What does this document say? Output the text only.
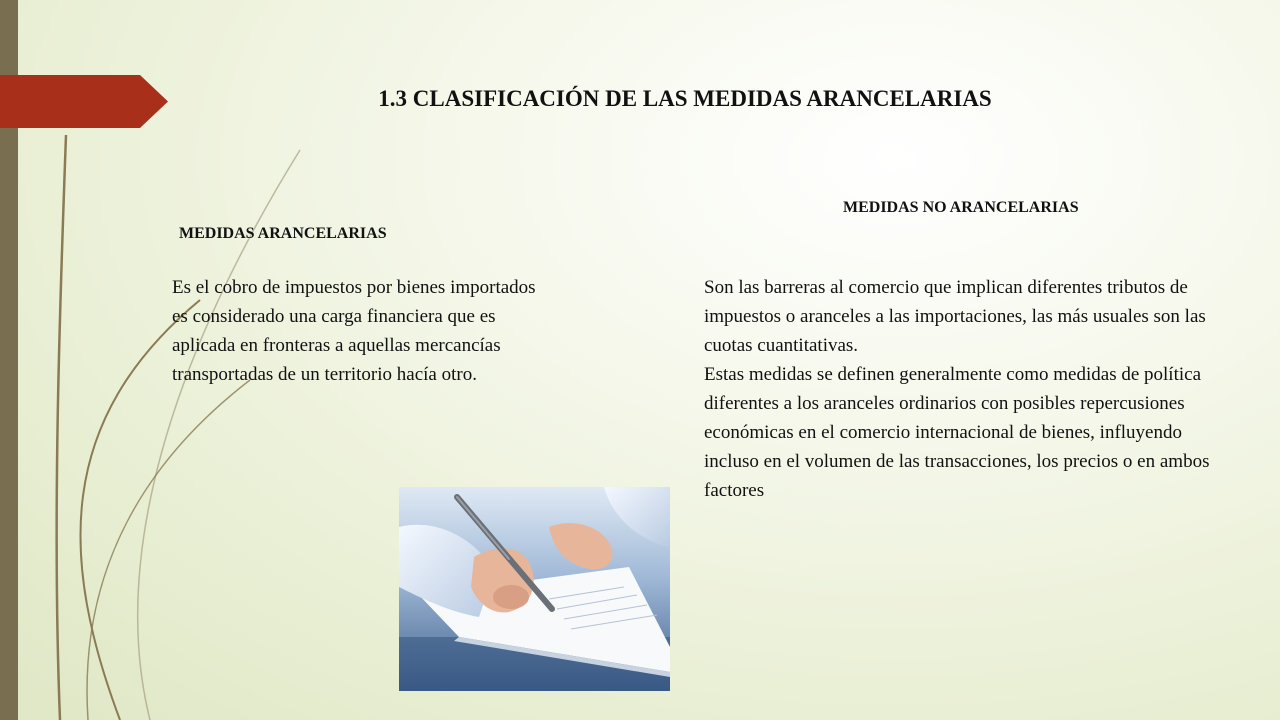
1.3 CLASIFICACIÓN DE LAS MEDIDAS ARANCELARIAS
MEDIDAS ARANCELARIAS

Es el cobro de impuestos por bienes importados es considerado una carga financiera que es aplicada en fronteras a aquellas mercancías transportadas de un territorio hacía otro.

MEDIDAS NO ARANCELARIAS

Son las barreras al comercio que implican diferentes tributos de impuestos o aranceles a las importaciones, las más usuales son las cuotas cuantitativas.

Estas medidas se definen generalmente como medidas de política diferentes a los aranceles ordinarios con posibles repercusiones económicas en el comercio internacional de bienes, influyendo incluso en el volumen de las transacciones, los precios o en ambos factores
